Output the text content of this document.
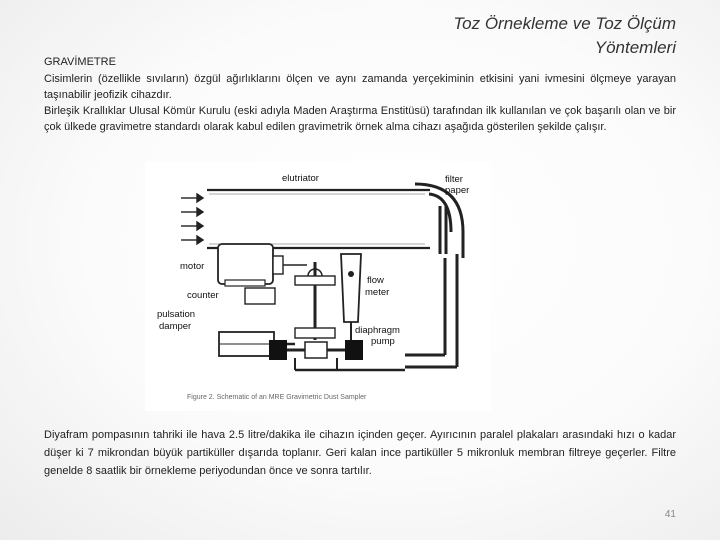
Toz Örnekleme ve Toz Ölçüm Yöntemleri
GRAVİMETRE

Cisimlerin (özellikle sıvıların) özgül ağırlıklarını ölçen ve aynı zamanda yerçekiminin etkisini yani ivmesini ölçmeye yarayan taşınabilir jeofizik cihazdır.

Birleşik Krallıklar Ulusal Kömür Kurulu (eski adıyla Maden Araştırma Enstitüsü) tarafından ilk kullanılan ve çok başarılı olan ve bir çok ülkede gravimetre standardı olarak kabul edilen gravimetrik örnek alma cihazı aşağıda gösterilen şekilde çalışır.

elutriator	filter
paper
motor
counter
flow
meter
pulsation
damper	diaphragm
pump
Figure 2. Schematic of an MRE Gravimetric Dust Sampler

Diyafram pompasının tahriki ile hava 2.5 litre/dakika ile cihazın içinden geçer. Ayırıcının paralel plakaları arasındaki hızı o kadar düşer ki 7 mikrondan büyük partiküller dışarıda toplanır. Geri kalan ince partiküller 5 mikronluk membran filtreye geçerler. Filtre genelde 8 saatlik bir örnekleme periyodundan önce ve sonra tartılır.

41
